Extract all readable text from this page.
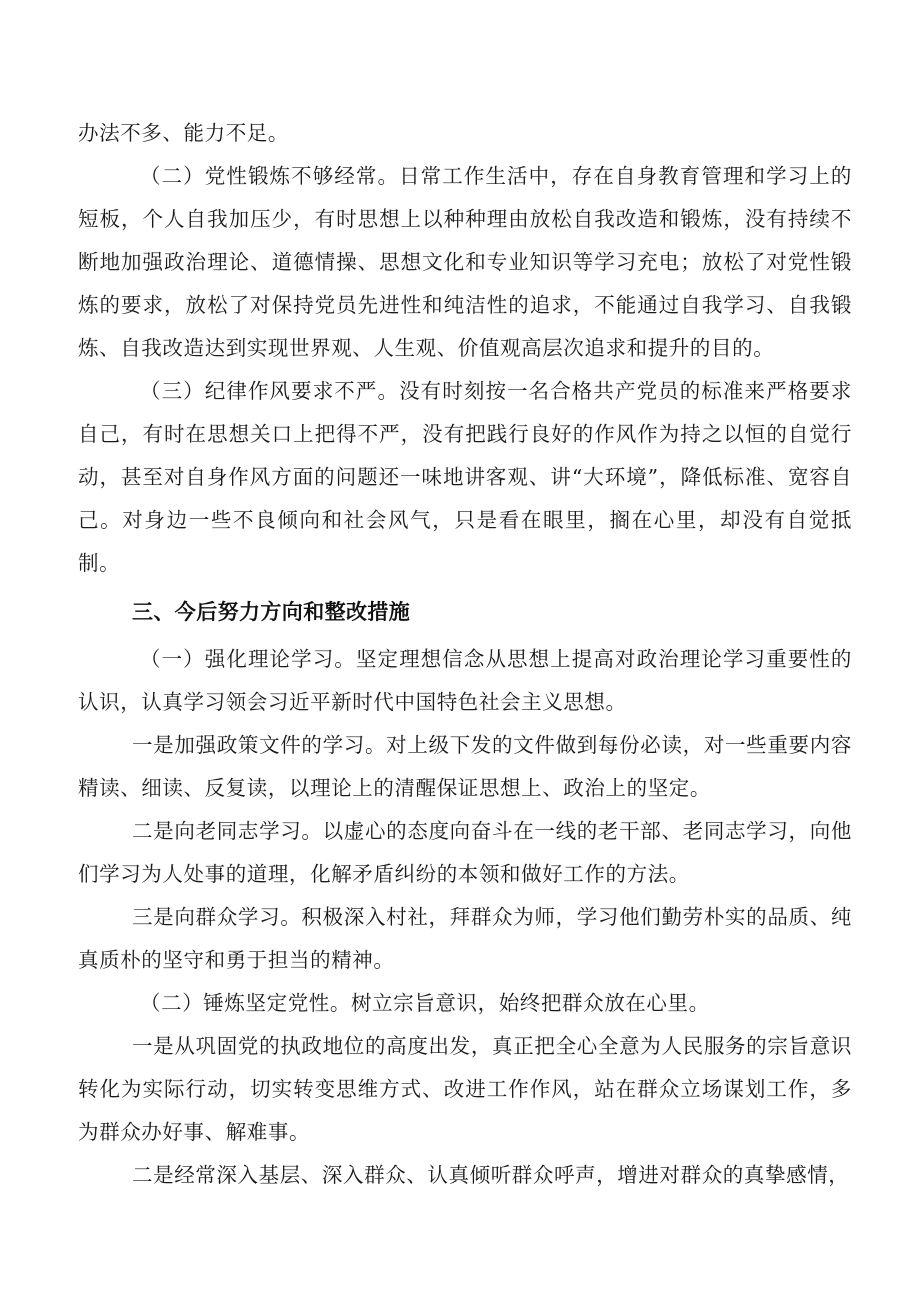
办法不多、能力不足。

（二）党性锻炼不够经常。日常工作生活中，存在自身教育管理和学习上的短板，个人自我加压少，有时思想上以种种理由放松自我改造和锻炼，没有持续不断地加强政治理论、道德情操、思想文化和专业知识等学习充电；放松了对党性锻炼的要求，放松了对保持党员先进性和纯洁性的追求，不能通过自我学习、自我锻炼、自我改造达到实现世界观、人生观、价值观高层次追求和提升的目的。

（三）纪律作风要求不严。没有时刻按一名合格共产党员的标准来严格要求自己，有时在思想关口上把得不严，没有把践行良好的作风作为持之以恒的自觉行动，甚至对自身作风方面的问题还一味地讲客观、讲“大环境”，降低标准、宽容自己。对身边一些不良倾向和社会风气，只是看在眼里，搁在心里，却没有自觉抵制。

三、今后努力方向和整改措施

（一）强化理论学习。坚定理想信念从思想上提高对政治理论学习重要性的认识，认真学习领会习近平新时代中国特色社会主义思想。

一是加强政策文件的学习。对上级下发的文件做到每份必读，对一些重要内容精读、细读、反复读，以理论上的清醒保证思想上、政治上的坚定。

二是向老同志学习。以虚心的态度向奋斗在一线的老干部、老同志学习，向他们学习为人处事的道理，化解矛盾纠纷的本领和做好工作的方法。

三是向群众学习。积极深入村社，拜群众为师，学习他们勤劳朴实的品质、纯真质朴的坚守和勇于担当的精神。

（二）锤炼坚定党性。树立宗旨意识，始终把群众放在心里。

一是从巩固党的执政地位的高度出发，真正把全心全意为人民服务的宗旨意识转化为实际行动，切实转变思维方式、改进工作作风，站在群众立场谋划工作，多为群众办好事、解难事。

二是经常深入基层、深入群众、认真倾听群众呼声，增进对群众的真挚感情，
